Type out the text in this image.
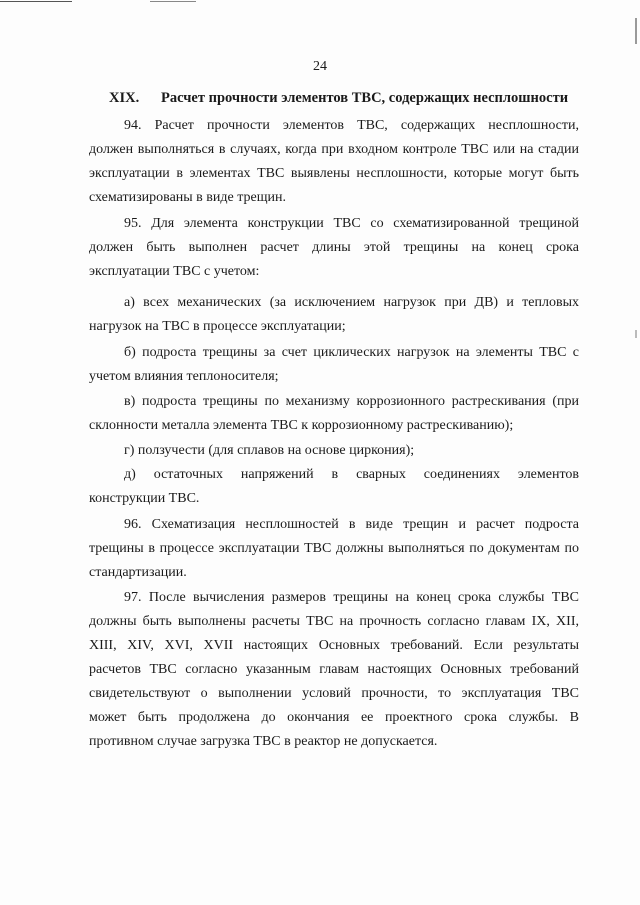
24
XIX. Расчет прочности элементов ТВС, содержащих несплошности
94. Расчет прочности элементов ТВС, содержащих несплошности,
должен выполняться в случаях, когда при входном контроле ТВС или на стадии
эксплуатации в элементах ТВС выявлены несплошности, которые могут быть
схематизированы в виде трещин.
95. Для элемента конструкции ТВС со схематизированной трещиной
должен быть выполнен расчет длины этой трещины на конец срока
эксплуатации ТВС с учетом:
а) всех механических (за исключением нагрузок при ДВ) и тепловых
нагрузок на ТВС в процессе эксплуатации;
б) подроста трещины за счет циклических нагрузок на элементы ТВС с
учетом влияния теплоносителя;
в) подроста трещины по механизму коррозионного растрескивания (при
склонности металла элемента ТВС к коррозионному растрескиванию);
г) ползучести (для сплавов на основе циркония);
д) остаточных напряжений в сварных соединениях элементов
конструкции ТВС.
96. Схематизация несплошностей в виде трещин и расчет подроста
трещины в процессе эксплуатации ТВС должны выполняться по документам по
стандартизации.
97. После вычисления размеров трещины на конец срока службы ТВС
должны быть выполнены расчеты ТВС на прочность согласно главам IX, XII,
XIII, XIV, XVI, XVII настоящих Основных требований. Если результаты
расчетов ТВС согласно указанным главам настоящих Основных требований
свидетельствуют о выполнении условий прочности, то эксплуатация ТВС
может быть продолжена до окончания ее проектного срока службы. В
противном случае загрузка ТВС в реактор не допускается.
